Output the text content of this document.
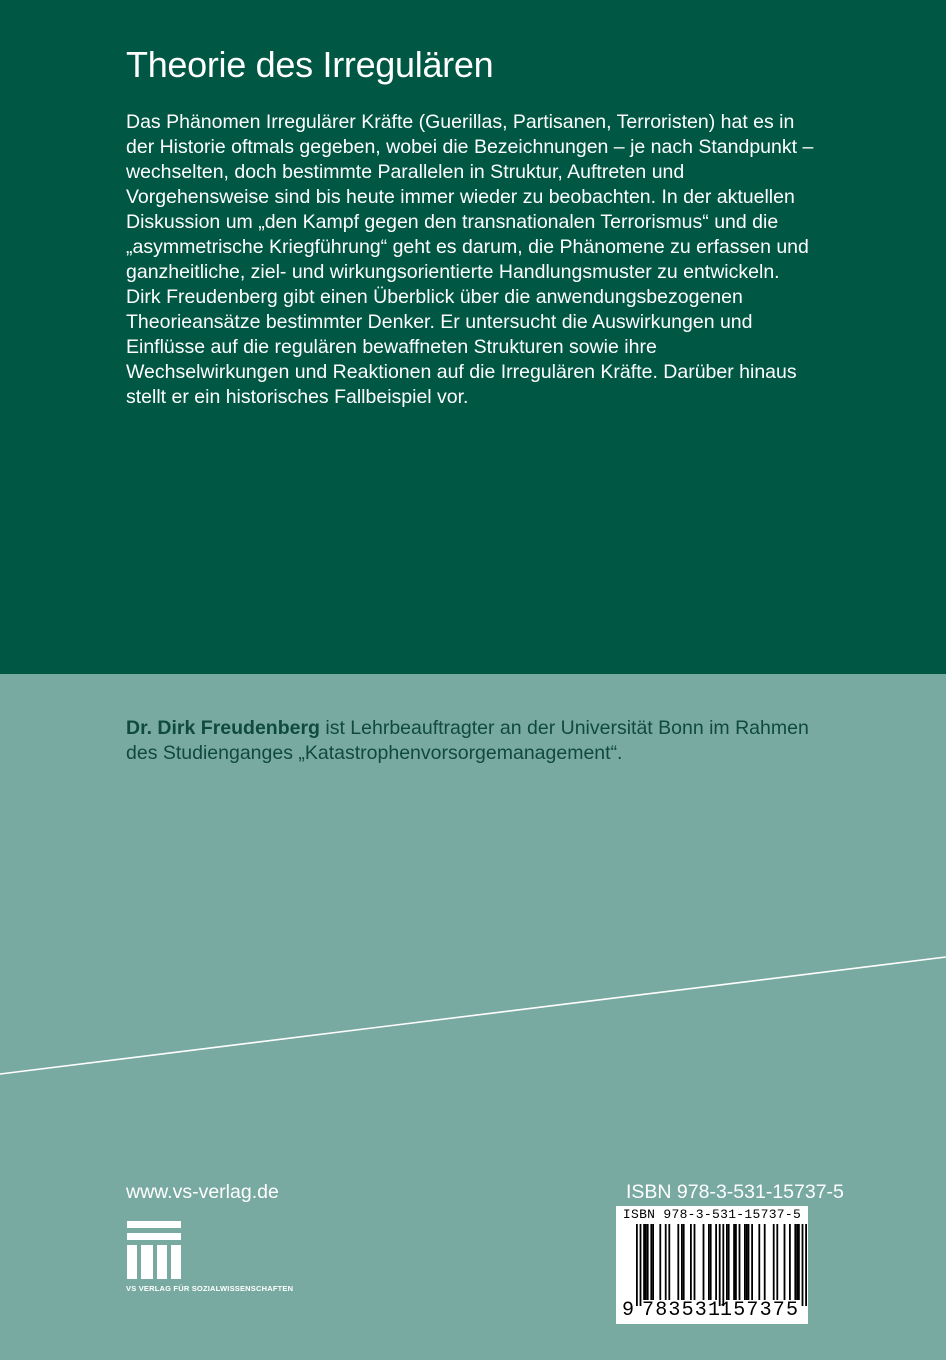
Theorie des Irregulären

Das Phänomen Irregulärer Kräfte (Guerillas, Partisanen, Terroristen) hat es in der Historie oftmals gegeben, wobei die Bezeichnungen – je nach Standpunkt – wechselten, doch bestimmte Parallelen in Struktur, Auftreten und Vorgehensweise sind bis heute immer wieder zu beobachten. In der aktuellen Diskussion um „den Kampf gegen den transnationalen Terrorismus“ und die „asymmetrische Kriegführung“ geht es darum, die Phänomene zu erfassen und ganzheitliche, ziel- und wirkungsorientierte Handlungsmuster zu entwickeln.

Dirk Freudenberg gibt einen Überblick über die anwendungsbezogenen Theorieansätze bestimmter Denker. Er untersucht die Auswirkungen und Einflüsse auf die regulären bewaffneten Strukturen sowie ihre Wechselwirkungen und Reaktionen auf die Irregulären Kräfte. Darüber hinaus stellt er ein historisches Fallbeispiel vor.

Dr. Dirk Freudenberg ist Lehrbeauftragter an der Universität Bonn im Rahmen des Studienganges „Katastrophenvorsorgemanagement“.
www.vs-verlag.de
VS VERLAG FÜR SOZIALWISSENSCHAFTEN
ISBN 978-3-531-15737-5
ISBN 978-3-531-15737-5
9 783531
157375
